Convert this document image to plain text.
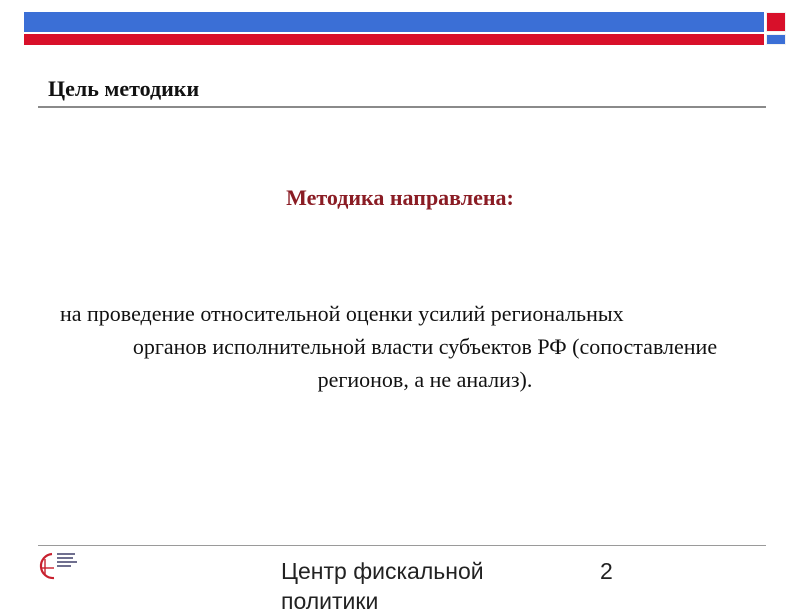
Цель методики
Методика направлена:
на проведение относительной оценки усилий региональных
органов исполнительной власти субъектов РФ (сопоставление регионов, а не анализ).
Центр фискальной политики
2
